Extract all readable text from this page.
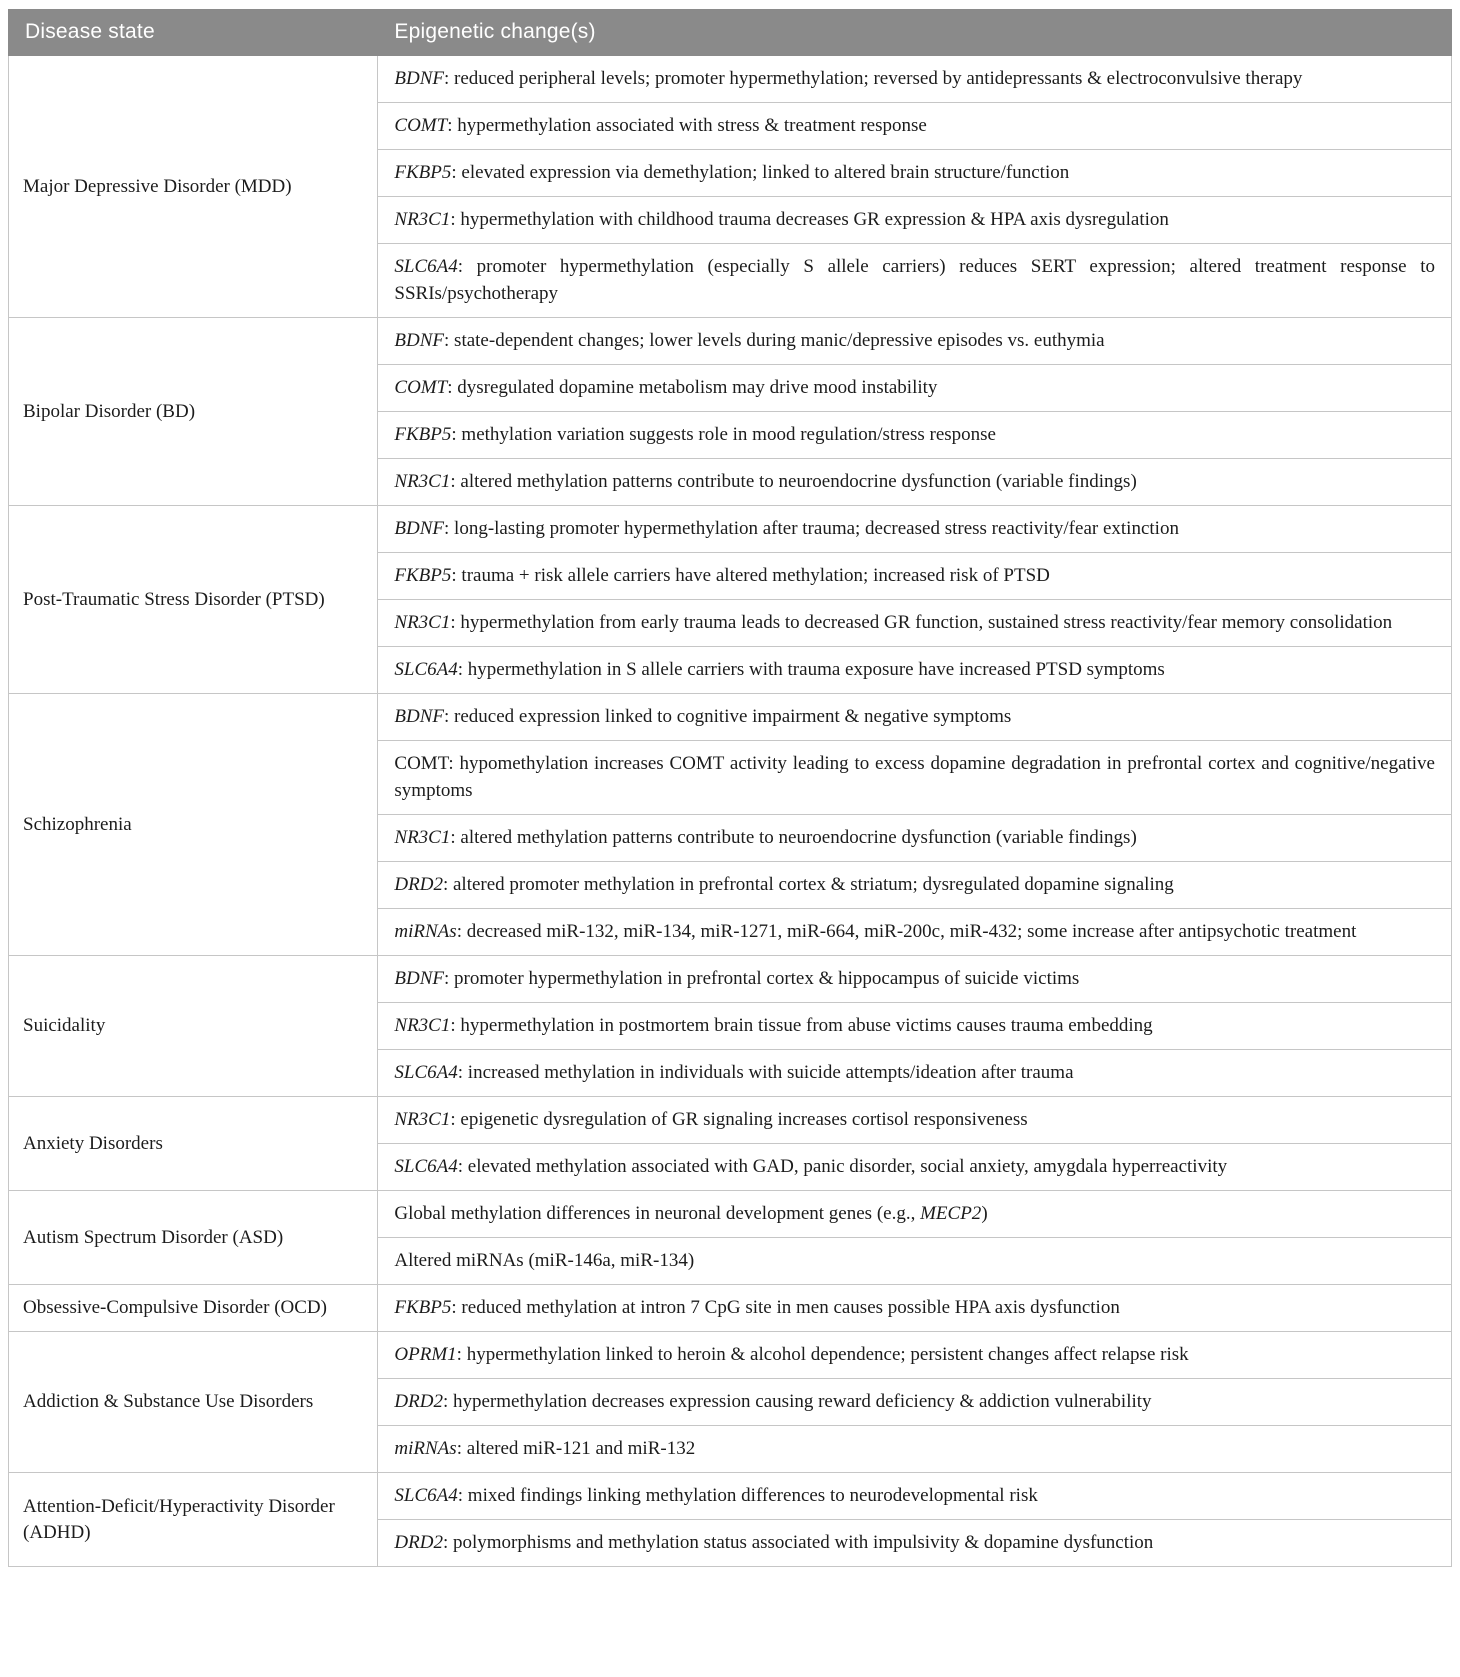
Disease state	Epigenetic change(s)
Major Depressive Disorder (MDD)	BDNF: reduced peripheral levels; promoter hypermethylation; reversed by antidepressants & electroconvulsive therapy
	COMT: hypermethylation associated with stress & treatment response
	FKBP5: elevated expression via demethylation; linked to altered brain structure/function
	NR3C1: hypermethylation with childhood trauma decreases GR expression & HPA axis dysregulation
	SLC6A4: promoter hypermethylation (especially S allele carriers) reduces SERT expression; altered treatment response to SSRIs/psychotherapy
Bipolar Disorder (BD)	BDNF: state-dependent changes; lower levels during manic/depressive episodes vs. euthymia
	COMT: dysregulated dopamine metabolism may drive mood instability
	FKBP5: methylation variation suggests role in mood regulation/stress response
	NR3C1: altered methylation patterns contribute to neuroendocrine dysfunction (variable findings)
Post-Traumatic Stress Disorder (PTSD)	BDNF: long-lasting promoter hypermethylation after trauma; decreased stress reactivity/fear extinction
	FKBP5: trauma + risk allele carriers have altered methylation; increased risk of PTSD
	NR3C1: hypermethylation from early trauma leads to decreased GR function, sustained stress reactivity/fear memory consolidation
	SLC6A4: hypermethylation in S allele carriers with trauma exposure have increased PTSD symptoms
Schizophrenia	BDNF: reduced expression linked to cognitive impairment & negative symptoms
	COMT: hypomethylation increases COMT activity leading to excess dopamine degradation in prefrontal cortex and cognitive/negative symptoms
	NR3C1: altered methylation patterns contribute to neuroendocrine dysfunction (variable findings)
	DRD2: altered promoter methylation in prefrontal cortex & striatum; dysregulated dopamine signaling
	miRNAs: decreased miR-132, miR-134, miR-1271, miR-664, miR-200c, miR-432; some increase after antipsychotic treatment
Suicidality	BDNF: promoter hypermethylation in prefrontal cortex & hippocampus of suicide victims
	NR3C1: hypermethylation in postmortem brain tissue from abuse victims causes trauma embedding
	SLC6A4: increased methylation in individuals with suicide attempts/ideation after trauma
Anxiety Disorders	NR3C1: epigenetic dysregulation of GR signaling increases cortisol responsiveness
	SLC6A4: elevated methylation associated with GAD, panic disorder, social anxiety, amygdala hyperreactivity
Autism Spectrum Disorder (ASD)	Global methylation differences in neuronal development genes (e.g., MECP2)
	Altered miRNAs (miR-146a, miR-134)
Obsessive-Compulsive Disorder (OCD)	FKBP5: reduced methylation at intron 7 CpG site in men causes possible HPA axis dysfunction
Addiction & Substance Use Disorders	OPRM1: hypermethylation linked to heroin & alcohol dependence; persistent changes affect relapse risk
	DRD2: hypermethylation decreases expression causing reward deficiency & addiction vulnerability
	miRNAs: altered miR-121 and miR-132
Attention-Deficit/Hyperactivity Disorder (ADHD)	SLC6A4: mixed findings linking methylation differences to neurodevelopmental risk
	DRD2: polymorphisms and methylation status associated with impulsivity & dopamine dysfunction
